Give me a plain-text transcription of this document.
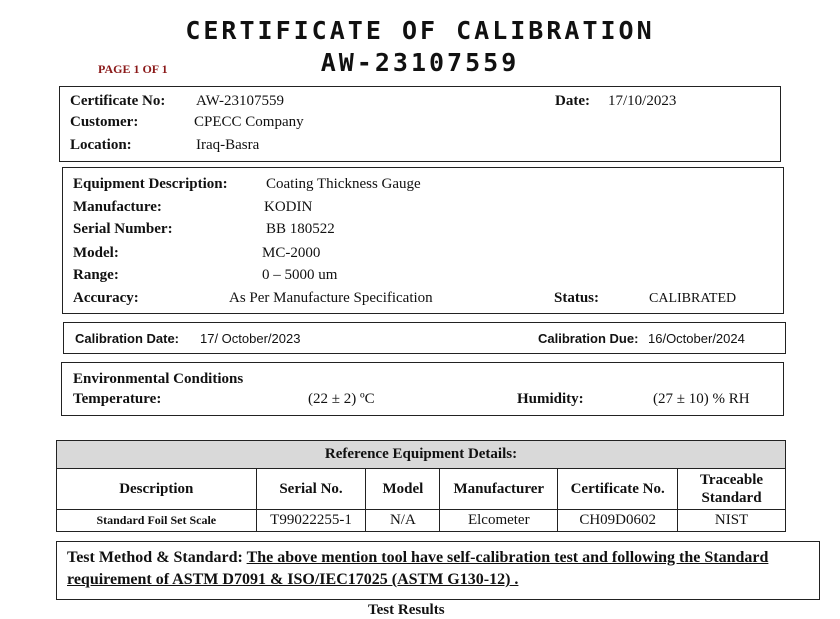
CERTIFICATE OF CALIBRATION
AW-23107559
PAGE 1 OF 1
Certificate No: AW-23107559	Date: 17/10/2023
Customer:	CPECC Company
Location:	Iraq-Basra
Equipment Description:	Coating Thickness Gauge
Manufacture:	KODIN
Serial Number:	BB 180522
Model:	MC-2000
Range:	0 – 5000 um
Accuracy:	As Per Manufacture Specification	Status:	CALIBRATED
Calibration Date: 17/ October/2023	Calibration Due: 16/October/2024
Environmental Conditions
Temperature:	(22 ± 2) ºC	Humidity:	(27 ± 10) % RH
Reference Equipment Details:					
Description	Serial No.	Model	Manufacturer	Certificate No.	Traceable Standard
Standard Foil Set Scale	T99022255-1	N/A	Elcometer	CH09D0602	NIST
Test Method & Standard: The above mention tool have self-calibration test and following the Standard requirement of ASTM D7091 & ISO/IEC17025 (ASTM G130-12) .
Test Results
